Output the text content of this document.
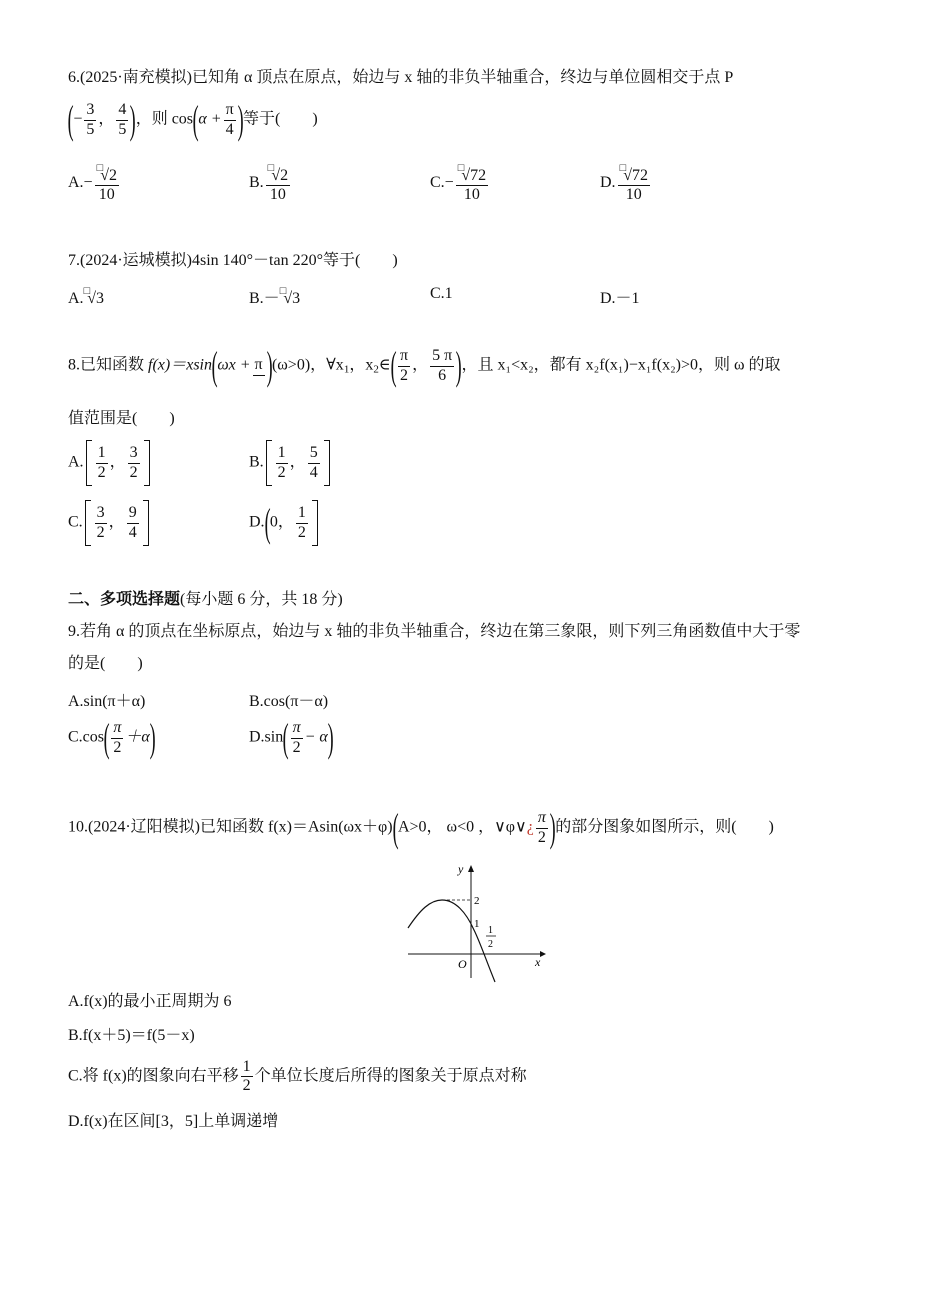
6.(2025·南充模拟)已知角 α 顶点在原点，始边与 x 轴的非负半轴重合，终边与单位圆相交于点 P
(− $\frac{3}{5}$ ， $\frac{4}{5}$ )，则 $\cos(\alpha + \frac{\pi}{4}$ )等于(　　)
$A.- \frac{^□√2}{10}$	B. $\frac{^□√2}{10}$	$C.- \frac{^□√72}{10}$	D. $\frac{^□√72}{10}$
7.(2024·运城模拟)4sin 140°－tan 220°等于(　　)
A.□√3	B.－□√3	C.1	D.－1
8.已知函数 f(x)＝xsin(ωx + π )(ω>0)，$\forall x_1$，$x_2\in( \frac{\pi}{2}$ ， $\frac{5 \pi}{6}$ )，且 x₁<x₂，都有 x₂f(x₁)−x₁f(x₂)>0，则 ω 的取
值范围是(　　)
A. $\frac{1}{2}$ ， $\frac{3}{2}$	B. $\frac{1}{2}$ ， $\frac{5}{4}$
C. $\frac{3}{2}$ ， $\frac{9}{4}$	D.(0， $\frac{1}{2}$
二、多项选择题(每小题 6 分，共 18 分)
9.若角 α 的顶点在坐标原点，始边与 x 轴的非负半轴重合，终边在第三象限，则下列三角函数值中大于零
的是(　　)
A.sin(π＋α)	B.cos(π－α)
$C.\cos( \frac{\pi}{2} +\alpha)$	$D.\sin( \frac{\pi}{2} - \alpha)$
10.(2024·辽阳模拟)已知函数 f(x)＝Asin(ωx＋φ)(A>0， ω<0 ，∨φ∨¿ $\frac{\pi}{2}$ )的部分图象如图所示，则(　　)
y
x
O
2
1
1
2
A.f(x)的最小正周期为 6
B.f(x＋5)＝f(5－x)
C.将 f(x)的图象向右平移 $\frac{1}{2}$ 个单位长度后所得的图象关于原点对称
D.f(x)在区间[3，5]上单调递增
